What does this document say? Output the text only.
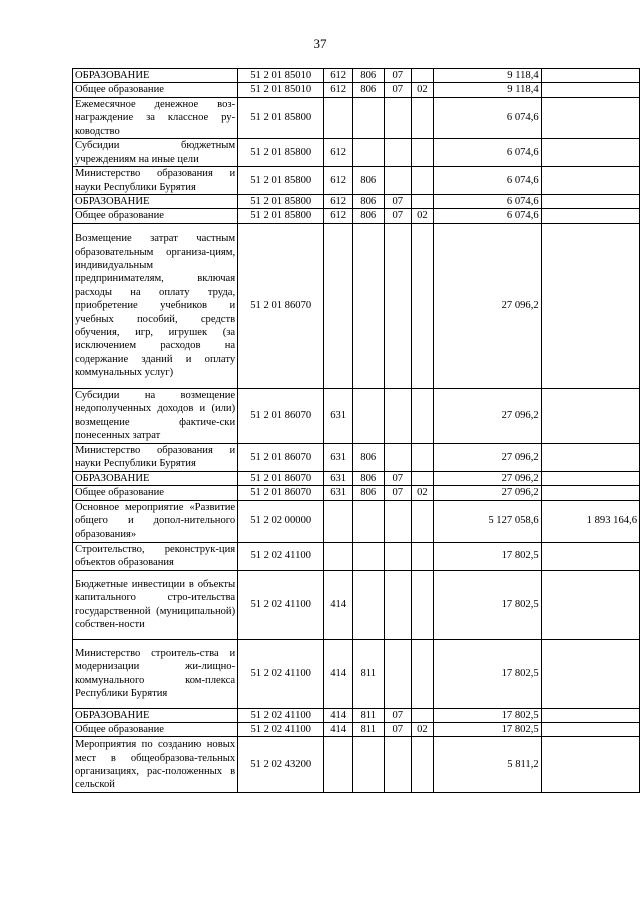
37
ОБРАЗОВАНИЕ	51 2 01 85010	612	806	07		9 118,4	
Общее образование	51 2 01 85010	612	806	07	02	9 118,4	
Ежемесячное денежное воз-награждение за классное ру-ководство	51 2 01 85800					6 074,6	
Субсидии бюджетным учреждениям на иные цели	51 2 01 85800	612				6 074,6	
Министерство образования и науки Республики Бурятия	51 2 01 85800	612	806			6 074,6	
ОБРАЗОВАНИЕ	51 2 01 85800	612	806	07		6 074,6	
Общее образование	51 2 01 85800	612	806	07	02	6 074,6	
Возмещение затрат частным образовательным организа-циям, индивидуальным предпринимателям, включая расходы на оплату труда, приобретение учебников и учебных пособий, средств обучения, игр, игрушек (за исключением расходов на содержание зданий и оплату коммунальных услуг)	51 2 01 86070					27 096,2	
Субсидии на возмещение недополученных доходов и (или) возмещение фактиче-ски понесенных затрат	51 2 01 86070	631				27 096,2	
Министерство образования и науки Республики Бурятия	51 2 01 86070	631	806			27 096,2	
ОБРАЗОВАНИЕ	51 2 01 86070	631	806	07		27 096,2	
Общее образование	51 2 01 86070	631	806	07	02	27 096,2	
Основное мероприятие «Развитие общего и допол-нительного образования»	51 2 02 00000					5 127 058,6	1 893 164,6
Строительство, реконструк-ция объектов образования	51 2 02 41100					17 802,5	
Бюджетные инвестиции в объекты капитального стро-ительства государственной (муниципальной) собствен-ности	51 2 02 41100	414				17 802,5	
Министерство строитель-ства и модернизации жи-лищно-коммунального ком-плекса Республики Бурятия	51 2 02 41100	414	811			17 802,5	
ОБРАЗОВАНИЕ	51 2 02 41100	414	811	07		17 802,5	
Общее образование	51 2 02 41100	414	811	07	02	17 802,5	
Мероприятия по созданию новых мест в общеобразова-тельных организациях, рас-положенных в сельской	51 2 02 43200					5 811,2	
